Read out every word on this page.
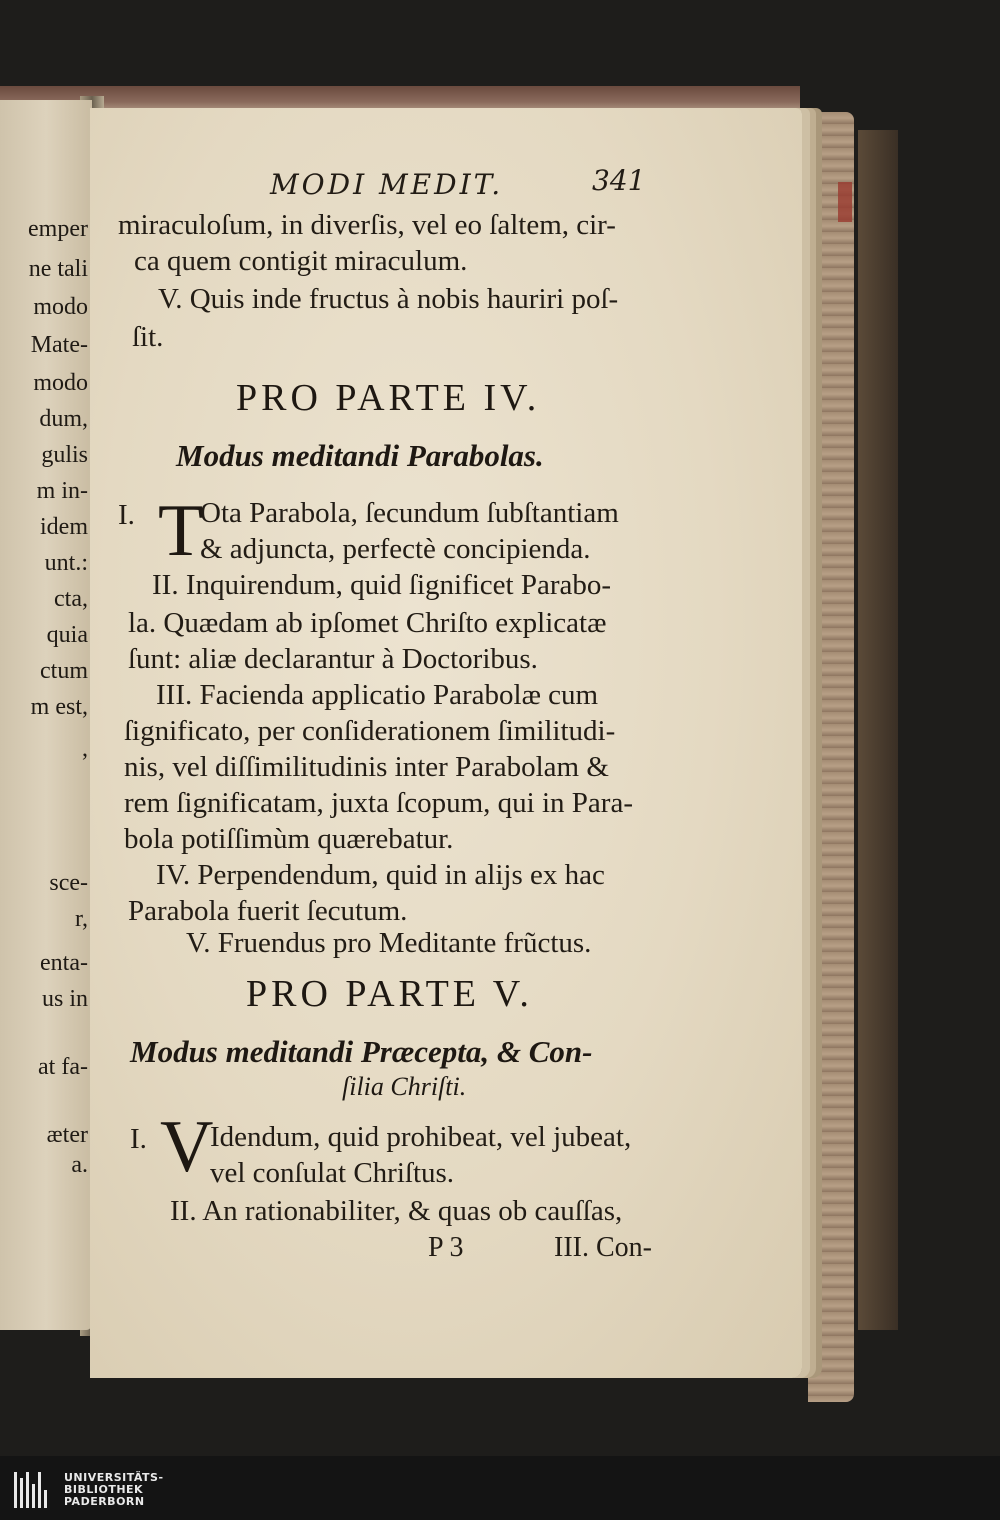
emper
ne tali
modo
Mate-
modo
dum,
gulis
m in-
idem
unt.:
cta,
quia
ctum
m est,
,
sce-
r,
enta-
us in
at fa-
æter
a.
MODI MEDIT.	341
miraculoſum, in diverſis, vel eo ſaltem, cir-
ca quem contigit miraculum.
V. Quis inde fructus à nobis hauriri poſ-
ſit.
PRO PARTE IV.
Modus meditandi Parabolas.
I. T
Ota Parabola, ſecundum ſubſtantiam
& adjuncta, perfectè concipienda.
II. Inquirendum, quid ſignificet Parabo-
la. Quædam ab ipſomet Chriſto explicatæ
ſunt: aliæ declarantur à Doctoribus.
III. Facienda applicatio Parabolæ cum
ſignificato, per conſiderationem ſimilitudi-
nis, vel diſſimilitudinis inter Parabolam &
rem ſignificatam, juxta ſcopum, qui in Para-
bola potiſſimùm quærebatur.
IV. Perpendendum, quid in alijs ex hac
Parabola fuerit ſecutum.
V. Fruendus pro Meditante frũctus.
PRO PARTE V.
Modus meditandi Præcepta, & Con-
ſilia Chriſti.
I. V
Idendum, quid prohibeat, vel jubeat,
vel conſulat Chriſtus.
II. An rationabiliter, & quas ob cauſſas,
P 3	III. Con-
UNIVERSITÄTS-
BIBLIOTHEK
PADERBORN
